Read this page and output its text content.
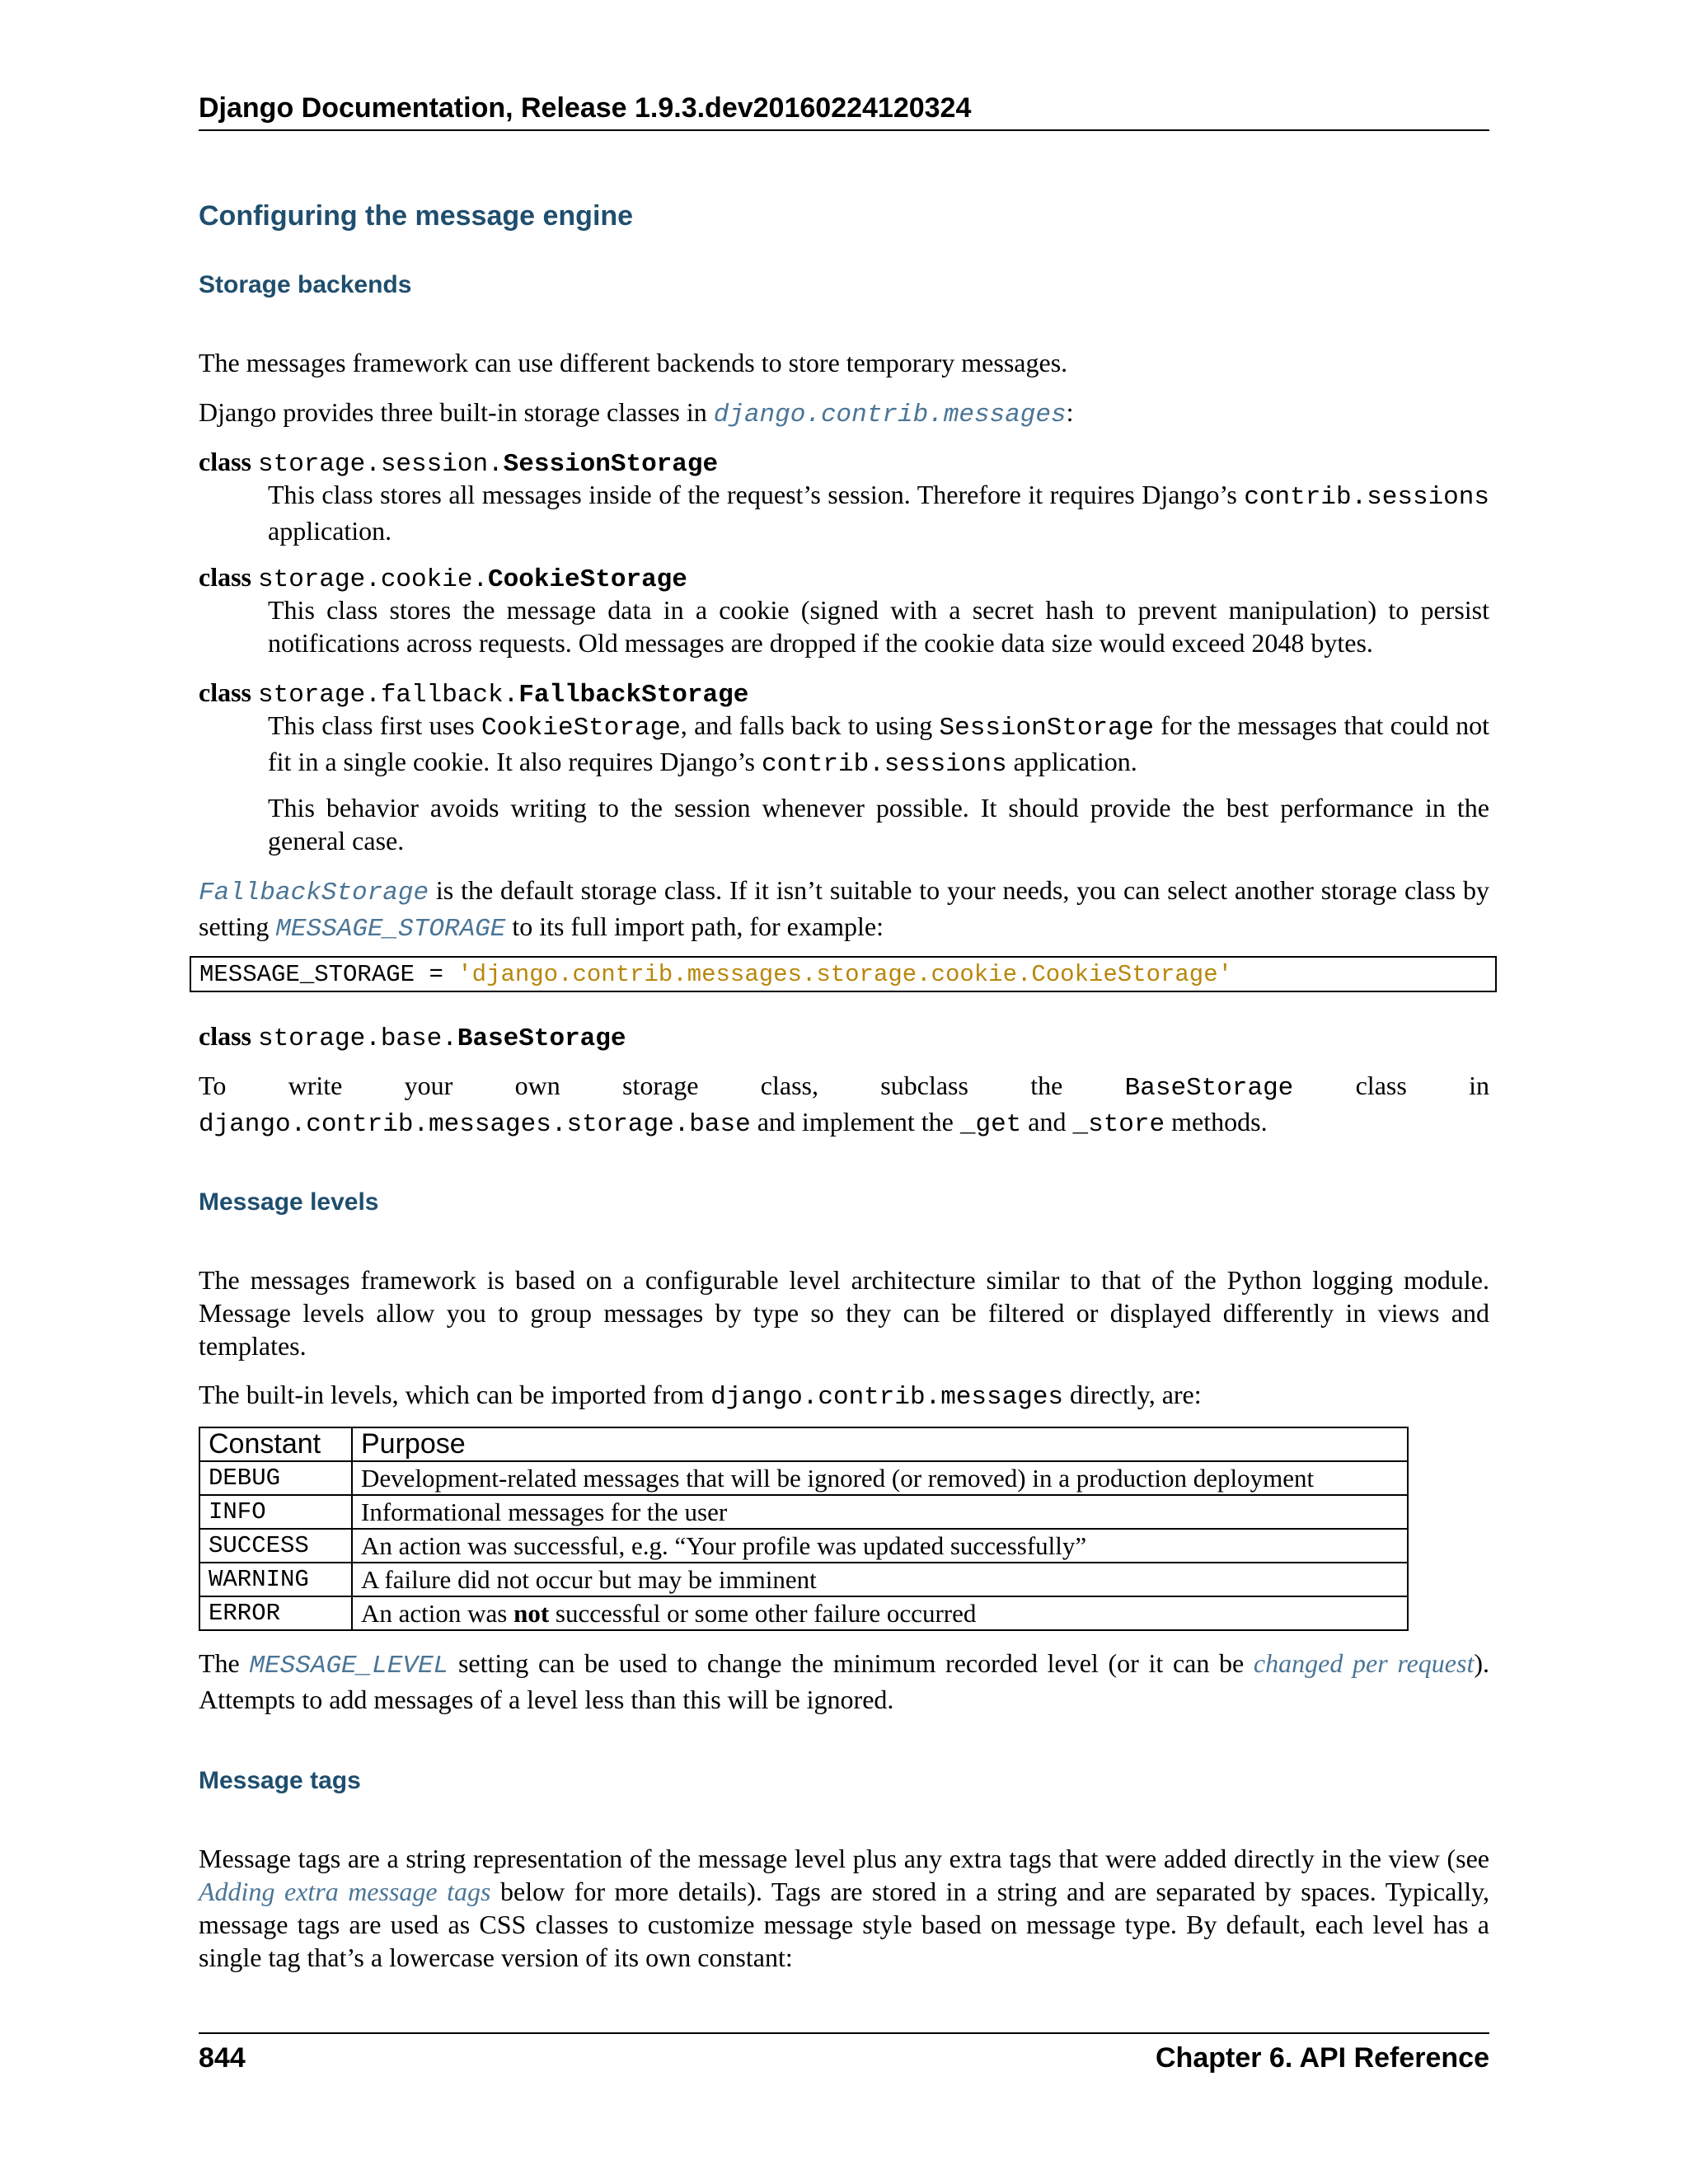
Django Documentation, Release 1.9.3.dev20160224120324
Configuring the message engine
Storage backends
The messages framework can use different backends to store temporary messages.
Django provides three built-in storage classes in django.contrib.messages:
class storage.session.SessionStorage
This class stores all messages inside of the request’s session. Therefore it requires Django’s contrib.sessions application.
class storage.cookie.CookieStorage
This class stores the message data in a cookie (signed with a secret hash to prevent manipulation) to persist notifications across requests. Old messages are dropped if the cookie data size would exceed 2048 bytes.
class storage.fallback.FallbackStorage
This class first uses CookieStorage, and falls back to using SessionStorage for the messages that could not fit in a single cookie. It also requires Django’s contrib.sessions application.
This behavior avoids writing to the session whenever possible. It should provide the best performance in the general case.
FallbackStorage is the default storage class. If it isn’t suitable to your needs, you can select another storage class by setting MESSAGE_STORAGE to its full import path, for example:
MESSAGE_STORAGE = 'django.contrib.messages.storage.cookie.CookieStorage'
class storage.base.BaseStorage
To write your own storage class, subclass the BaseStorage class in django.contrib.messages.storage.base and implement the _get and _store methods.
Message levels
The messages framework is based on a configurable level architecture similar to that of the Python logging module. Message levels allow you to group messages by type so they can be filtered or displayed differently in views and templates.
The built-in levels, which can be imported from django.contrib.messages directly, are:
Constant	Purpose
DEBUG	Development-related messages that will be ignored (or removed) in a production deployment
INFO	Informational messages for the user
SUCCESS	An action was successful, e.g. “Your profile was updated successfully”
WARNING	A failure did not occur but may be imminent
ERROR	An action was not successful or some other failure occurred
The MESSAGE_LEVEL setting can be used to change the minimum recorded level (or it can be changed per request). Attempts to add messages of a level less than this will be ignored.
Message tags
Message tags are a string representation of the message level plus any extra tags that were added directly in the view (see Adding extra message tags below for more details). Tags are stored in a string and are separated by spaces. Typically, message tags are used as CSS classes to customize message style based on message type. By default, each level has a single tag that’s a lowercase version of its own constant:
844	Chapter 6. API Reference
